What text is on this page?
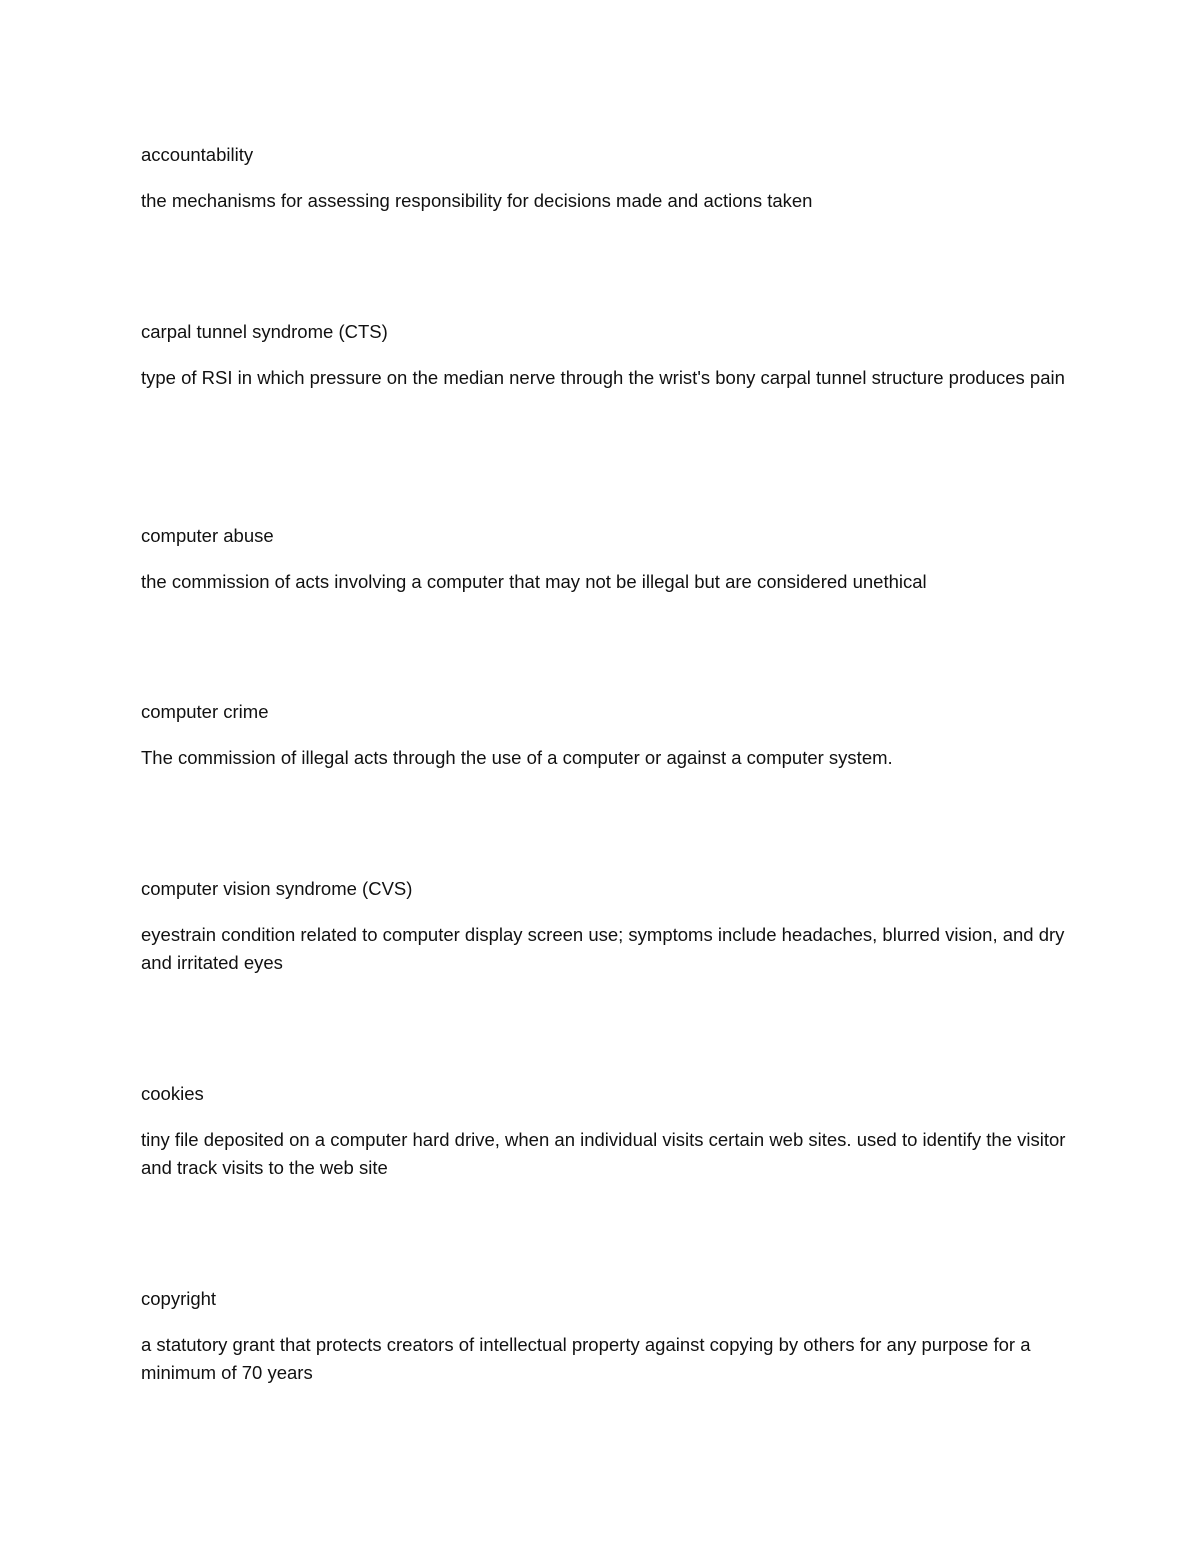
accountability

the mechanisms for assessing responsibility for decisions made and actions taken

carpal tunnel syndrome (CTS)

type of RSI in which pressure on the median nerve through the wrist's bony carpal tunnel structure produces pain

computer abuse

the commission of acts involving a computer that may not be illegal but are considered unethical

computer crime

The commission of illegal acts through the use of a computer or against a computer system.

computer vision syndrome (CVS)

eyestrain condition related to computer display screen use; symptoms include headaches, blurred vision, and dry and irritated eyes

cookies

tiny file deposited on a computer hard drive, when an individual visits certain web sites. used to identify the visitor and track visits to the web site

copyright

a statutory grant that protects creators of intellectual property against copying by others for any purpose for a minimum of 70 years
